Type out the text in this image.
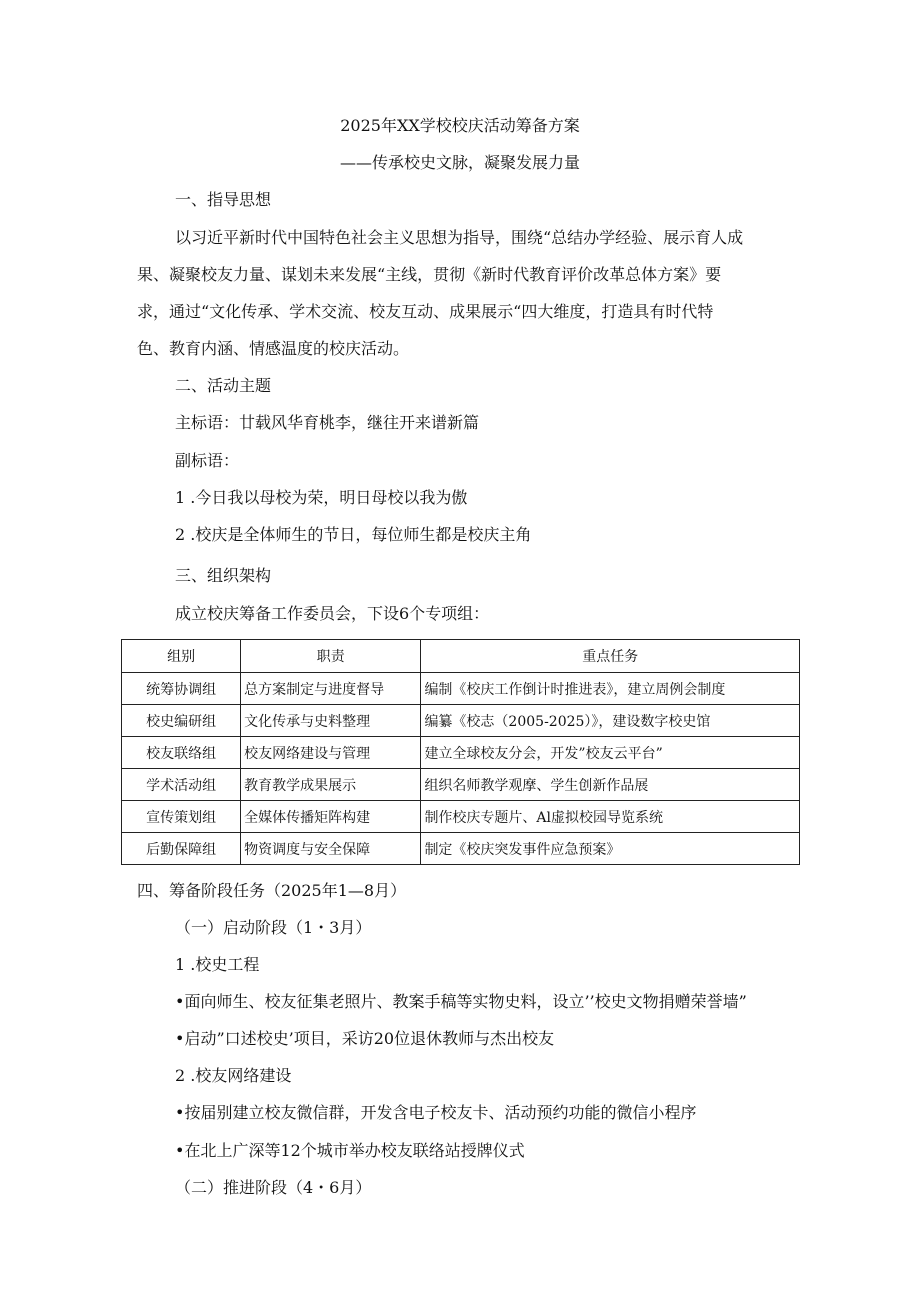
2025年XX学校校庆活动筹备方案
——传承校史文脉，凝聚发展力量
一、指导思想
以习近平新时代中国特色社会主义思想为指导，围绕“总结办学经验、展示育人成
果、凝聚校友力量、谋划未来发展“主线，贯彻《新时代教育评价改革总体方案》要
求，通过“文化传承、学术交流、校友互动、成果展示“四大维度，打造具有时代特
色、教育内涵、情感温度的校庆活动。
二、活动主题
主标语：廿载风华育桃李，继往开来谱新篇
副标语：
1 .今日我以母校为荣，明日母校以我为傲
2 .校庆是全体师生的节日，每位师生都是校庆主角
三、组织架构
成立校庆筹备工作委员会，下设6个专项组：
组别	职责	重点任务
统筹协调组	总方案制定与进度督导	编制《校庆工作倒计时推进表》，建立周例会制度
校史编研组	文化传承与史料整理	编纂《校志（2005-2025）》，建设数字校史馆
校友联络组	校友网络建设与管理	建立全球校友分会，开发”校友云平台”
学术活动组	教育教学成果展示	组织名师教学观摩、学生创新作品展
宣传策划组	全媒体传播矩阵构建	制作校庆专题片、Al虚拟校园导览系统
后勤保障组	物资调度与安全保障	制定《校庆突发事件应急预案》
四、筹备阶段任务（2025年1—8月）
（一）启动阶段（1・3月）
1 .校史工程
•面向师生、校友征集老照片、教案手稿等实物史料，设立’’校史文物捐赠荣誉墙”
•启动”口述校史’项目，采访20位退休教师与杰出校友
2 .校友网络建设
•按届别建立校友微信群，开发含电子校友卡、活动预约功能的微信小程序
•在北上广深等12个城市举办校友联络站授牌仪式
（二）推进阶段（4・6月）
